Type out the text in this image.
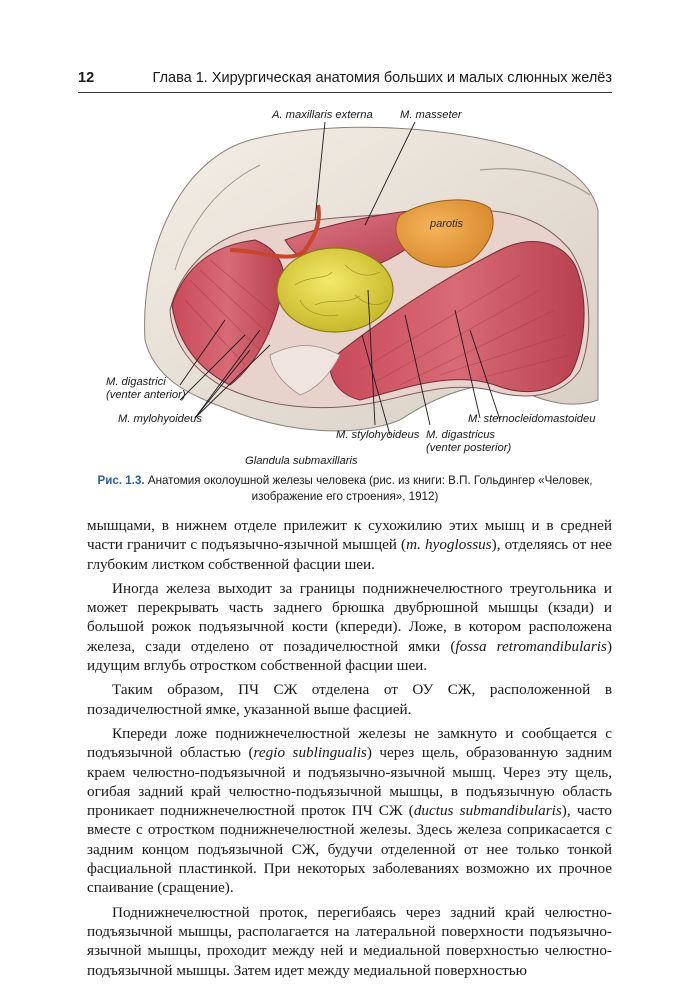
12	Глава 1. Хирургическая анатомия больших и малых слюнных желёз
A. maxillaris externa M. masseter
parotis
M. digastrici
(venter anterior)
M. mylohyoideus
M. stylohyoideus M. digastricus
(venter posterior)
M. sternocleidomastoideu
Glandula submaxillaris
Рис. 1.3. Анатомия околоушной железы человека (рис. из книги: В.П. Гольдингер «Человек, изображение его строения», 1912)

мышцами, в нижнем отделе прилежит к сухожилию этих мышц и в средней части граничит с подъязычно-язычной мышцей (m. hyoglossus), отделяясь от нее глубоким листком собственной фасции шеи.

Иногда железа выходит за границы поднижнечелюстного треугольника и может перекрывать часть заднего брюшка двубрюшной мышцы (кзади) и большой рожок подъязычной кости (кпереди). Ложе, в котором расположена железа, сзади отделено от позадичелюстной ямки (fossa retromandibularis) идущим вглубь отростком собственной фасции шеи.

Таким образом, ПЧ СЖ отделена от ОУ СЖ, расположенной в позадичелюстной ямке, указанной выше фасцией.

Кпереди ложе поднижнечелюстной железы не замкнуто и сообщается с подъязычной областью (regio sublingualis) через щель, образованную задним краем челюстно-подъязычной и подъязычно-язычной мышц. Через эту щель, огибая задний край челюстно-подъязычной мышцы, в подъязычную область проникает поднижнечелюстной проток ПЧ СЖ (ductus submandibularis), часто вместе с отростком поднижнечелюстной железы. Здесь железа соприкасается с задним концом подъязычной СЖ, будучи отделенной от нее только тонкой фасциальной пластинкой. При некоторых заболеваниях возможно их прочное спаивание (сращение).

Поднижнечелюстной проток, перегибаясь через задний край челюстно-подъязычной мышцы, располагается на латеральной поверхности подъязычно-язычной мышцы, проходит между ней и медиальной поверхностью челюстно-подъязычной мышцы. Затем идет между медиальной поверхностью
